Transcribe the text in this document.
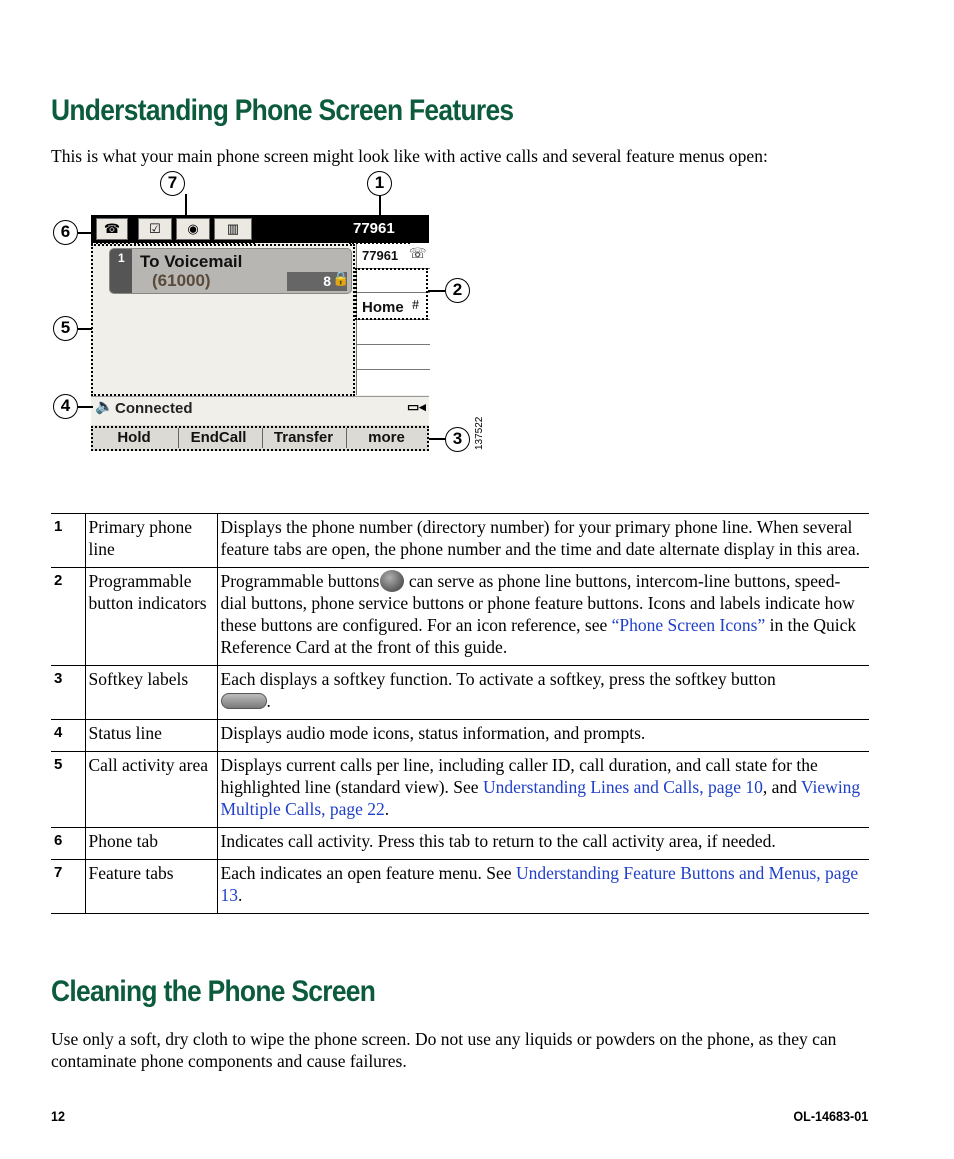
Understanding Phone Screen Features
This is what your main phone screen might look like with active calls and several feature menus open:
☎	☑	◉	▥	77961
1 To Voicemail
(61000)	8 🔒
77961 ☏
Home #
🔈 Connected	▭◂
Hold	EndCall	Transfer	more
7	1
6
2
5
4
3	137522
1	Primary phone line	Displays the phone number (directory number) for your primary phone line. When several feature tabs are open, the phone number and the time and date alternate display in this area.
2	Programmable button indicators	Programmable buttons can serve as phone line buttons, intercom-line buttons, speed-dial buttons, phone service buttons or phone feature buttons. Icons and labels indicate how these buttons are configured. For an icon reference, see “Phone Screen Icons” in the Quick Reference Card at the front of this guide.
3	Softkey labels	Each displays a softkey function. To activate a softkey, press the softkey button
.
4	Status line	Displays audio mode icons, status information, and prompts.
5	Call activity area	Displays current calls per line, including caller ID, call duration, and call state for the highlighted line (standard view). See Understanding Lines and Calls, page 10, and Viewing Multiple Calls, page 22.
6	Phone tab	Indicates call activity. Press this tab to return to the call activity area, if needed.
7	Feature tabs	Each indicates an open feature menu. See Understanding Feature Buttons and Menus, page 13.
Cleaning the Phone Screen
Use only a soft, dry cloth to wipe the phone screen. Do not use any liquids or powders on the phone, as they can contaminate phone components and cause failures.
12	OL-14683-01
